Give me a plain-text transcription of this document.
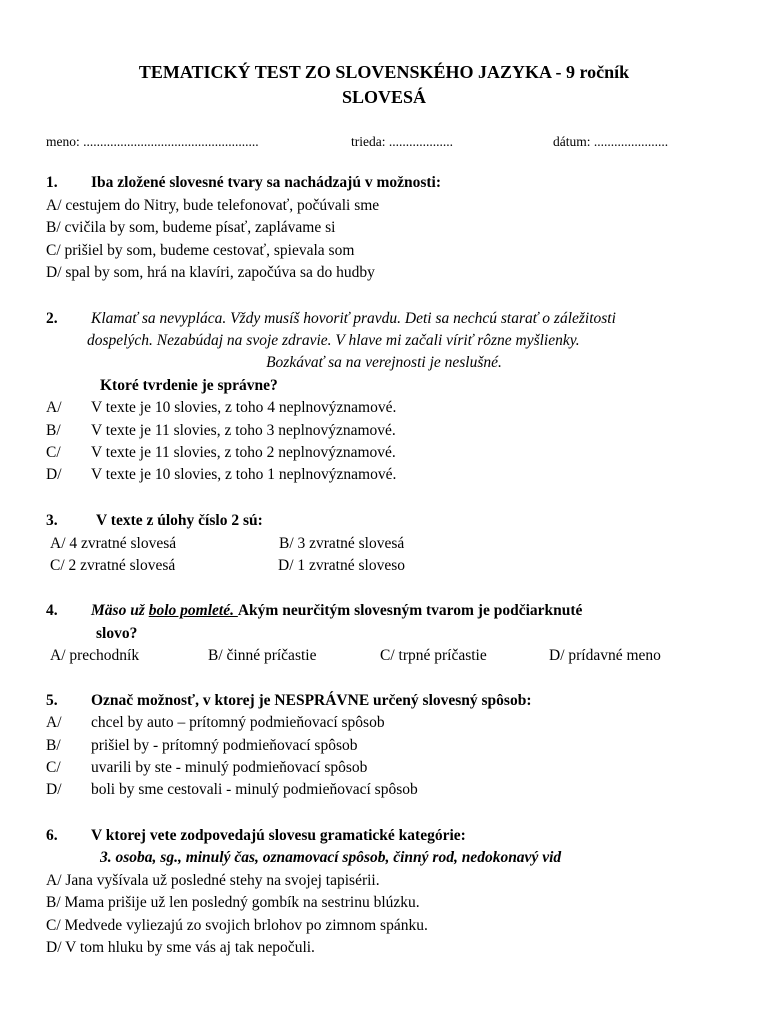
TEMATICKÝ TEST ZO SLOVENSKÉHO JAZYKA - 9 ročník
SLOVESÁ
meno: ....................................................	trieda: ...................	dátum: ......................
1. Iba zložené slovesné tvary sa nachádzajú v možnosti:
A/ cestujem do Nitry, bude telefonovať, počúvali sme
B/ cvičila by som, budeme písať, zaplávame si
C/ prišiel by som, budeme cestovať, spievala som
D/ spal by som, hrá na klavíri, započúva sa do hudby
2. Klamať sa nevypláca. Vždy musíš hovoriť pravdu. Deti sa nechcú starať o záležitosti
dospelých. Nezabúdaj na svoje zdravie. V hlave mi začali víriť rôzne myšlienky.
Bozkávať sa na verejnosti je neslušné.
Ktoré tvrdenie je správne?
A/ V texte je 10 slovies, z toho 4 neplnovýznamové.
B/ V texte je 11 slovies, z toho 3 neplnovýznamové.
C/ V texte je 11 slovies, z toho 2 neplnovýznamové.
D/ V texte je 10 slovies, z toho 1 neplnovýznamové.
3. V texte z úlohy číslo 2 sú:
A/ 4 zvratné slovesá	B/ 3 zvratné slovesá
C/ 2 zvratné slovesá	D/ 1 zvratné sloveso
4. Mäso už bolo pomleté. Akým neurčitým slovesným tvarom je podčiarknuté
slovo?
A/ prechodník	B/ činné príčastie	C/ trpné príčastie	D/ prídavné meno
5. Označ možnosť, v ktorej je NESPRÁVNE určený slovesný spôsob:
A/ chcel by auto – prítomný podmieňovací spôsob
B/ prišiel by - prítomný podmieňovací spôsob
C/ uvarili by ste - minulý podmieňovací spôsob
D/ boli by sme cestovali - minulý podmieňovací spôsob
6. V ktorej vete zodpovedajú slovesu gramatické kategórie:
3. osoba, sg., minulý čas, oznamovací spôsob, činný rod, nedokonavý vid
A/ Jana vyšívala už posledné stehy na svojej tapisérii.
B/ Mama prišije už len posledný gombík na sestrinu blúzku.
C/ Medvede vyliezajú zo svojich brlohov po zimnom spánku.
D/ V tom hluku by sme vás aj tak nepočuli.
